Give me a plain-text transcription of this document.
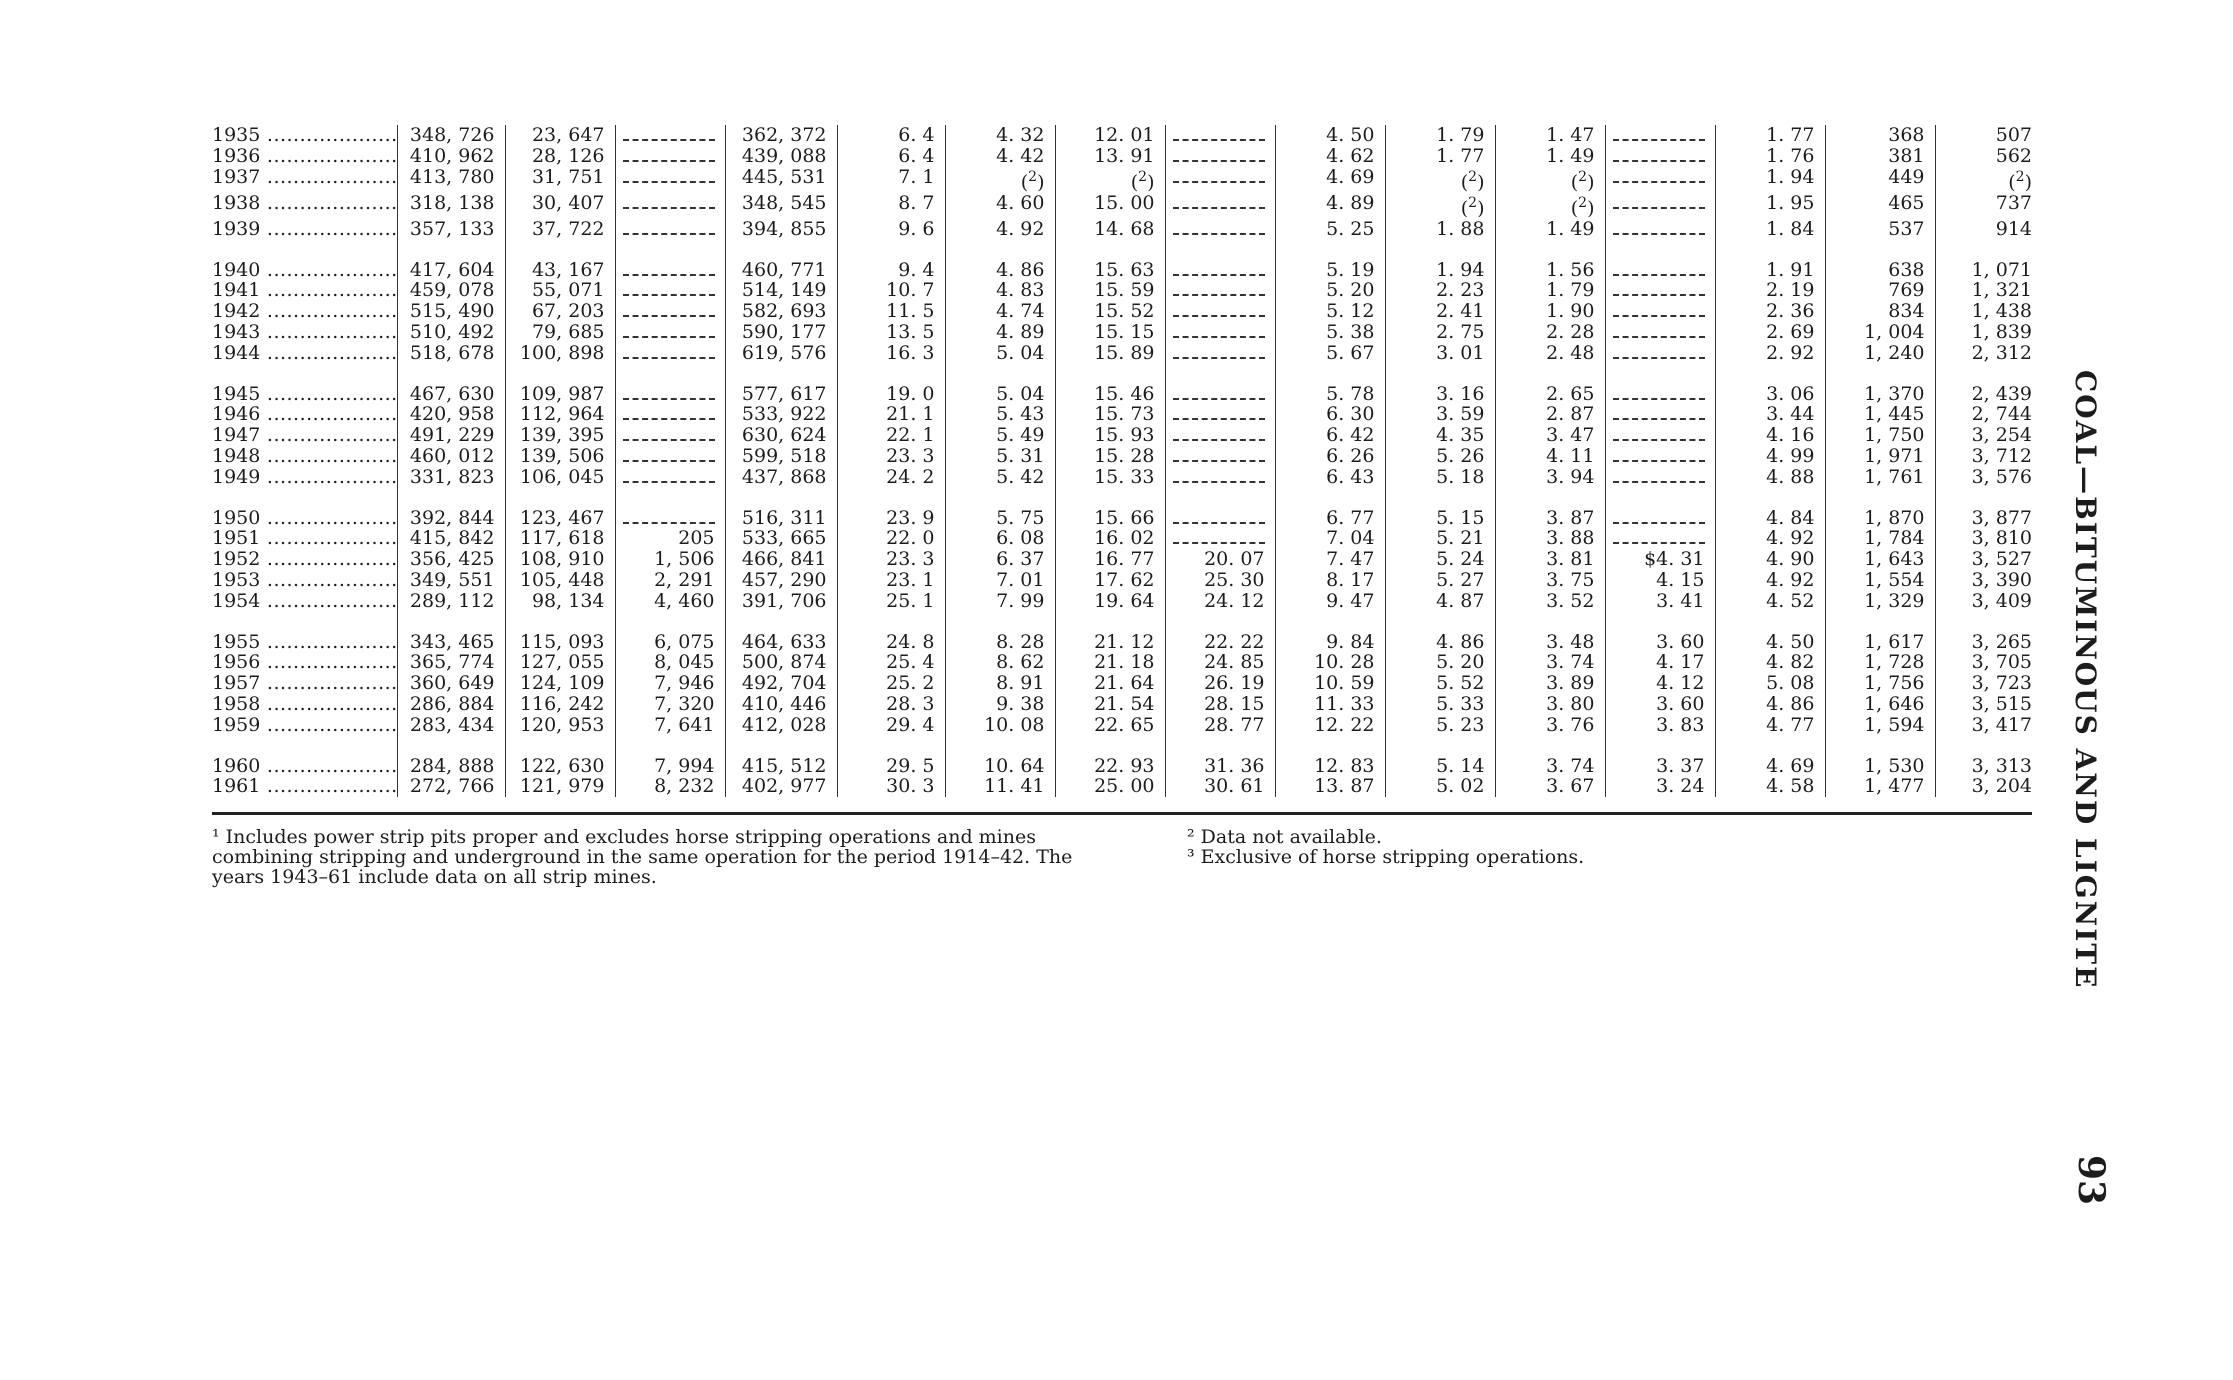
1935 .....	348, 726	23, 647		362, 372	6. 4	4. 32	12. 01		4. 50	1. 79	1. 47		1. 77	368	507
1936 .....	410, 962	28, 126		439, 088	6. 4	4. 42	13. 91		4. 62	1. 77	1. 49		1. 76	381	562
1937 .....	413, 780	31, 751		445, 531	7. 1	($^2$)	($^2$)		4. 69	($^2$)	($^2$)		1. 94	449	($^2$)
1938 .....	318, 138	30, 407		348, 545	8. 7	4. 60	15. 00		4. 89	($^2$)	($^2$)		1. 95	465	737
1939 .....	357, 133	37, 722		394, 855	9. 6	4. 92	14. 68		5. 25	1. 88	1. 49		1. 84	537	914

1940 .....	417, 604	43, 167		460, 771	9. 4	4. 86	15. 63		5. 19	1. 94	1. 56		1. 91	638	1, 071
1941 .....	459, 078	55, 071		514, 149	10. 7	4. 83	15. 59		5. 20	2. 23	1. 79		2. 19	769	1, 321
1942 .....	515, 490	67, 203		582, 693	11. 5	4. 74	15. 52		5. 12	2. 41	1. 90		2. 36	834	1, 438
1943 .....	510, 492	79, 685		590, 177	13. 5	4. 89	15. 15		5. 38	2. 75	2. 28		2. 69	1, 004	1, 839
1944 .....	518, 678	100, 898		619, 576	16. 3	5. 04	15. 89		5. 67	3. 01	2. 48		2. 92	1, 240	2, 312

1945 .....	467, 630	109, 987		577, 617	19. 0	5. 04	15. 46		5. 78	3. 16	2. 65		3. 06	1, 370	2, 439
1946 .....	420, 958	112, 964		533, 922	21. 1	5. 43	15. 73		6. 30	3. 59	2. 87		3. 44	1, 445	2, 744
1947 .....	491, 229	139, 395		630, 624	22. 1	5. 49	15. 93		6. 42	4. 35	3. 47		4. 16	1, 750	3, 254
1948 .....	460, 012	139, 506		599, 518	23. 3	5. 31	15. 28		6. 26	5. 26	4. 11		4. 99	1, 971	3, 712
1949 .....	331, 823	106, 045		437, 868	24. 2	5. 42	15. 33		6. 43	5. 18	3. 94		4. 88	1, 761	3, 576

1950 .....	392, 844	123, 467		516, 311	23. 9	5. 75	15. 66		6. 77	5. 15	3. 87		4. 84	1, 870	3, 877
1951 .....	415, 842	117, 618	205	533, 665	22. 0	6. 08	16. 02		7. 04	5. 21	3. 88		4. 92	1, 784	3, 810
1952 .....	356, 425	108, 910	1, 506	466, 841	23. 3	6. 37	16. 77	20. 07	7. 47	5. 24	3. 81	$4. 31	4. 90	1, 643	3, 527
1953 .....	349, 551	105, 448	2, 291	457, 290	23. 1	7. 01	17. 62	25. 30	8. 17	5. 27	3. 75	4. 15	4. 92	1, 554	3, 390
1954 .....	289, 112	98, 134	4, 460	391, 706	25. 1	7. 99	19. 64	24. 12	9. 47	4. 87	3. 52	3. 41	4. 52	1, 329	3, 409

1955 .....	343, 465	115, 093	6, 075	464, 633	24. 8	8. 28	21. 12	22. 22	9. 84	4. 86	3. 48	3. 60	4. 50	1, 617	3, 265
1956 .....	365, 774	127, 055	8, 045	500, 874	25. 4	8. 62	21. 18	24. 85	10. 28	5. 20	3. 74	4. 17	4. 82	1, 728	3, 705
1957 .....	360, 649	124, 109	7, 946	492, 704	25. 2	8. 91	21. 64	26. 19	10. 59	5. 52	3. 89	4. 12	5. 08	1, 756	3, 723
1958 .....	286, 884	116, 242	7, 320	410, 446	28. 3	9. 38	21. 54	28. 15	11. 33	5. 33	3. 80	3. 60	4. 86	1, 646	3, 515
1959 .....	283, 434	120, 953	7, 641	412, 028	29. 4	10. 08	22. 65	28. 77	12. 22	5. 23	3. 76	3. 83	4. 77	1, 594	3, 417

1960 .....	284, 888	122, 630	7, 994	415, 512	29. 5	10. 64	22. 93	31. 36	12. 83	5. 14	3. 74	3. 37	4. 69	1, 530	3, 313
1961 .....	272, 766	121, 979	8, 232	402, 977	30. 3	11. 41	25. 00	30. 61	13. 87	5. 02	3. 67	3. 24	4. 58	1, 477	3, 204
¹ Includes power strip pits proper and excludes horse stripping operations and mines combining stripping and underground in the same operation for the period 1914–42. The years 1943–61 include data on all strip mines.
² Data not available.
³ Exclusive of horse stripping operations.	COAL—BITUMINOUS AND LIGNITE
93
